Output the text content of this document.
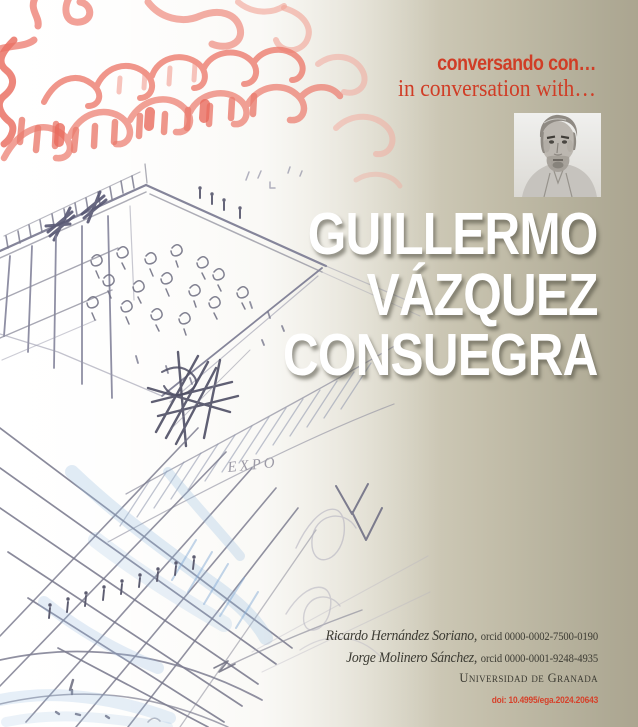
EXPO
conversando con…
in conversation with…
GUILLERMO
VÁZQUEZ
CONSUEGRA
Ricardo Hernández Soriano, orcid 0000-0002-7500-0190
Jorge Molinero Sánchez, orcid 0000-0001-9248-4935
Universidad de Granada
doi: 10.4995/ega.2024.20643
